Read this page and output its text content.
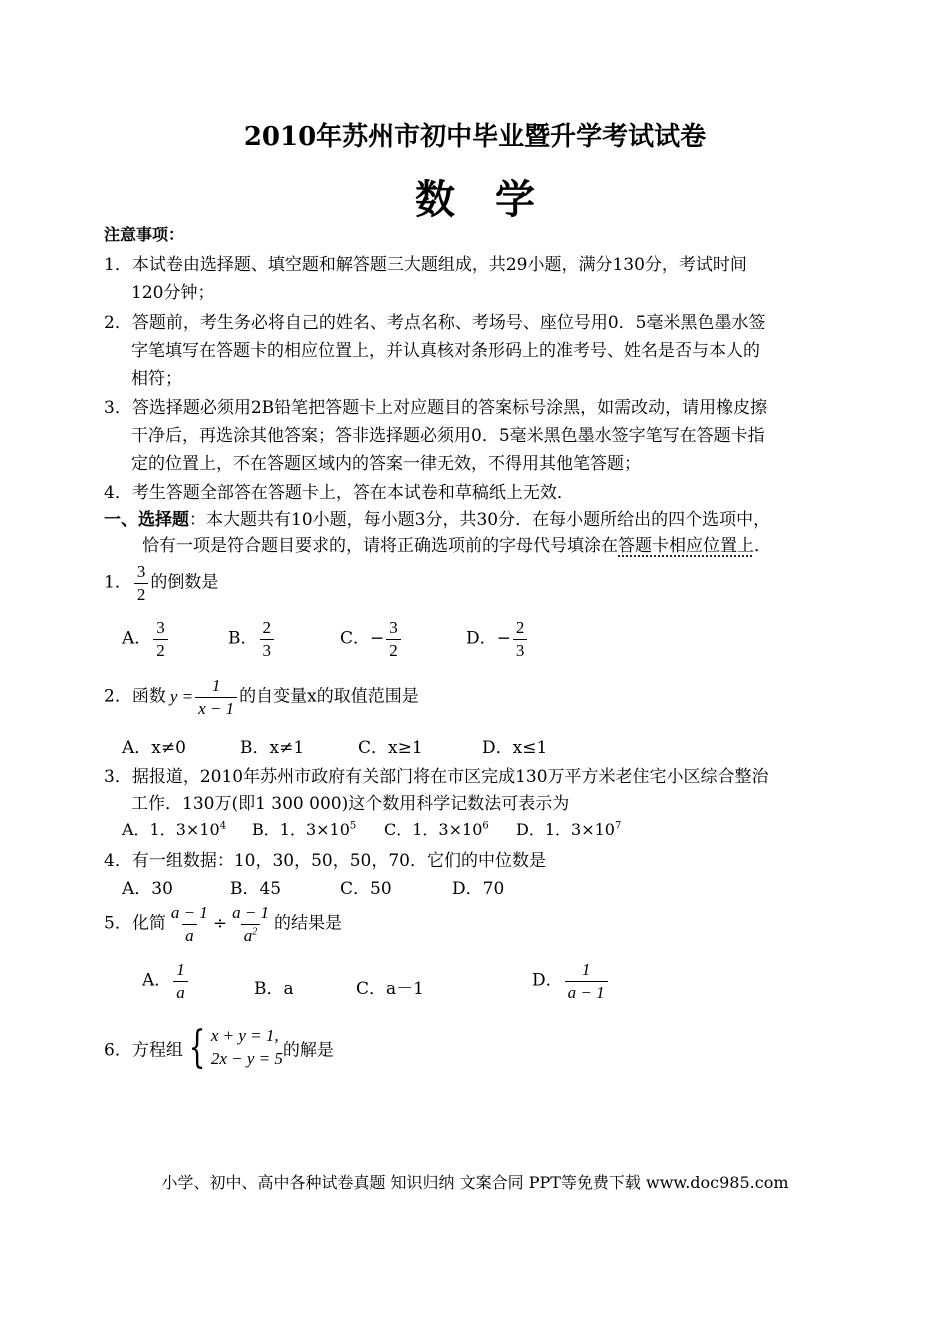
2010年苏州市初中毕业暨升学考试试卷
数学
注意事项：
1．本试卷由选择题、填空题和解答题三大题组成，共29小题，满分130分，考试时间
120分钟；
2．答题前，考生务必将自己的姓名、考点名称、考场号、座位号用0．5毫米黑色墨水签
字笔填写在答题卡的相应位置上，并认真核对条形码上的准考号、姓名是否与本人的
相符；
3．答选择题必须用2B铅笔把答题卡上对应题目的答案标号涂黑，如需改动，请用橡皮擦
干净后，再选涂其他答案；答非选择题必须用0．5毫米黑色墨水签字笔写在答题卡指
定的位置上，不在答题区域内的答案一律无效，不得用其他笔答题；
4．考生答题全部答在答题卡上，答在本试卷和草稿纸上无效．
一、选择题：本大题共有10小题，每小题3分，共30分．在每小题所给出的四个选项中，
恰有一项是符合题目要求的，请将正确选项前的字母代号填涂在答题卡相应位置上．
1． $\frac{3}{2}$ 的倒数是
A． $\frac{3}{2}$	B． $\frac{2}{3}$	C．− $\frac{3}{2}$	D．− $\frac{2}{3}$
2．函数 $y = \frac{1}{x - 1}$ 的自变量x的取值范围是
A．x≠0	B．x≠1	C．x≥1	D．x≤1
3．据报道，2010年苏州市政府有关部门将在市区完成130万平方米老住宅小区综合整治
工作．130万(即1 300 000)这个数用科学记数法可表示为
A．1．$3\times 10^4$ B．1．$3\times 10^5$ C．1．$3\times 10^6$ D．1．$3\times 10^7$
4．有一组数据：10，30，50，50，70．它们的中位数是
A．30	B．45	C．50	D．70
5．化简 $\frac{a - 1}{a} \div \frac{a - 1}{a^2}$ 的结果是
A． $\frac{1}{a}$	B．a	C．a－1	D． $\frac{1}{a - 1}$
6．方程组 { x + y = 1,
2x − y = 5 的解是
小学、初中、高中各种试卷真题 知识归纳 文案合同 PPT等免费下载 www.doc985.com
